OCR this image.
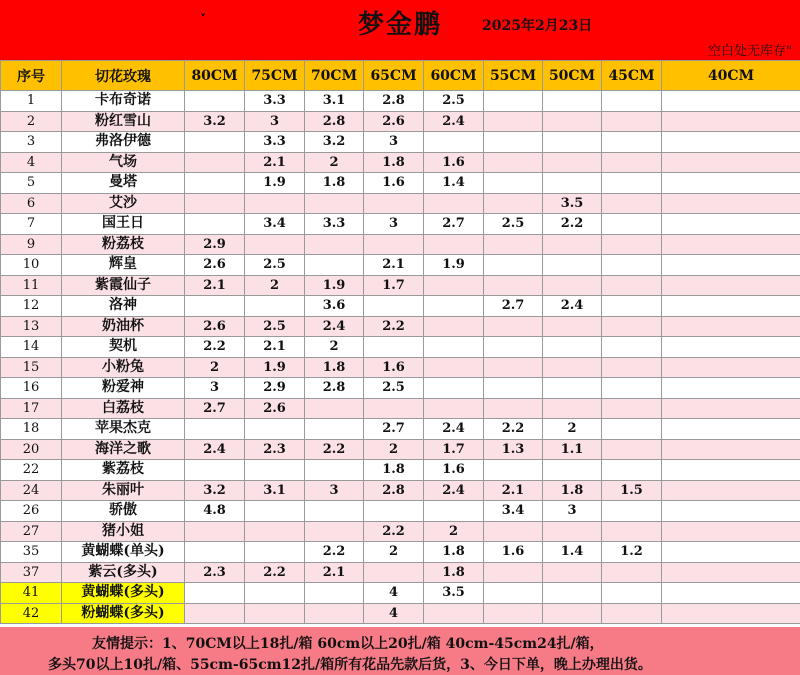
˅	梦金鹏	2025年2月23日
空白处无库存"
序号	切花玫瑰	80CM	75CM	70CM	65CM	60CM	55CM	50CM	45CM	40CM
1	卡布奇诺		3.3	3.1	2.8	2.5				
2	粉红雪山	3.2	3	2.8	2.6	2.4				
3	弗洛伊德		3.3	3.2	3					
4	气场		2.1	2	1.8	1.6				
5	曼塔		1.9	1.8	1.6	1.4				
6	艾沙							3.5		
7	国王日		3.4	3.3	3	2.7	2.5	2.2		
9	粉荔枝	2.9								
10	辉皇	2.6	2.5		2.1	1.9				
11	紫霞仙子	2.1	2	1.9	1.7					
12	洛神			3.6			2.7	2.4		
13	奶油杯	2.6	2.5	2.4	2.2					
14	契机	2.2	2.1	2						
15	小粉兔	2	1.9	1.8	1.6					
16	粉爱神	3	2.9	2.8	2.5					
17	白荔枝	2.7	2.6							
18	苹果杰克				2.7	2.4	2.2	2		
20	海洋之歌	2.4	2.3	2.2	2	1.7	1.3	1.1		
22	紫荔枝				1.8	1.6				
24	朱丽叶	3.2	3.1	3	2.8	2.4	2.1	1.8	1.5	
26	骄傲	4.8					3.4	3		
27	猪小姐				2.2	2				
35	黄蝴蝶(单头)			2.2	2	1.8	1.6	1.4	1.2	
37	紫云(多头)	2.3	2.2	2.1		1.8				
41	黄蝴蝶(多头)				4	3.5				
42	粉蝴蝶(多头)				4					
友情提示：1、70CM以上18扎/箱 60cm以上20扎/箱 40cm-45cm24扎/箱，
多头70以上10扎/箱、55cm-65cm12扎/箱所有花品先款后货，3、今日下单，晚上办理出货。
